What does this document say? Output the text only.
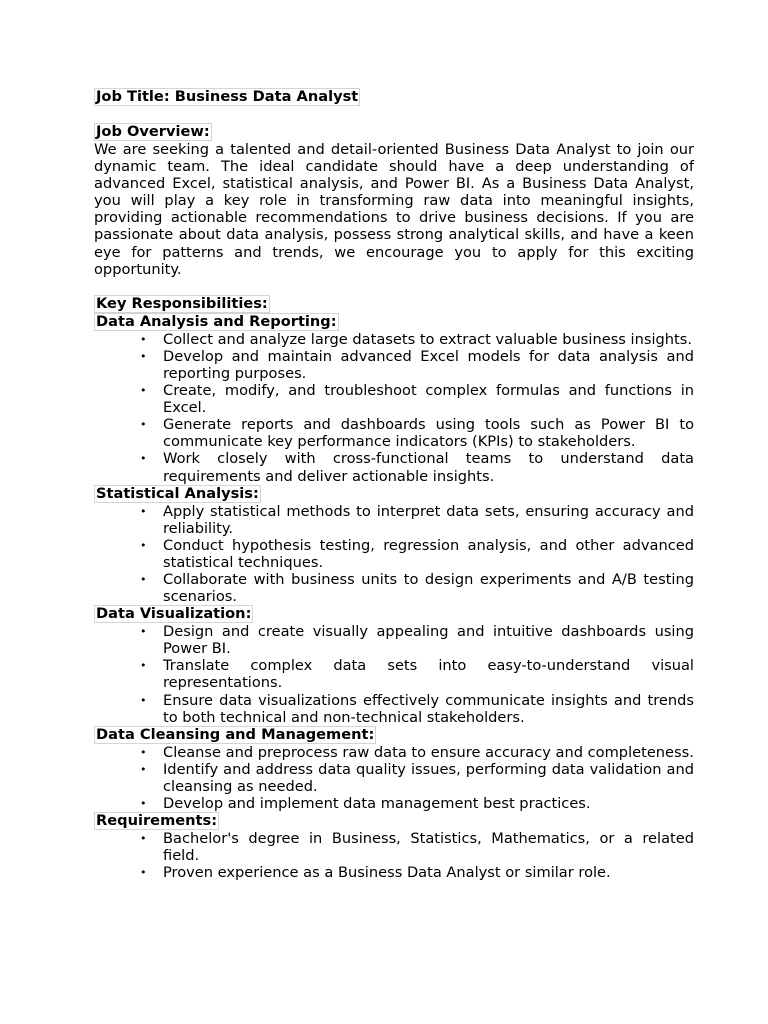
Job Title: Business Data Analyst
Job Overview:

We are seeking a talented and detail-oriented Business Data Analyst to join our dynamic team. The ideal candidate should have a deep understanding of advanced Excel, statistical analysis, and Power BI. As a Business Data Analyst, you will play a key role in transforming raw data into meaningful insights, providing actionable recommendations to drive business decisions. If you are passionate about data analysis, possess strong analytical skills, and have a keen eye for patterns and trends, we encourage you to apply for this exciting opportunity.

Key Responsibilities:
Data Analysis and Reporting:
• Collect and analyze large datasets to extract valuable business insights.
• Develop and maintain advanced Excel models for data analysis and reporting purposes.
• Create, modify, and troubleshoot complex formulas and functions in Excel.
• Generate reports and dashboards using tools such as Power BI to communicate key performance indicators (KPIs) to stakeholders.
• Work closely with cross-functional teams to understand data requirements and deliver actionable insights.
Statistical Analysis:
• Apply statistical methods to interpret data sets, ensuring accuracy and reliability.
• Conduct hypothesis testing, regression analysis, and other advanced statistical techniques.
• Collaborate with business units to design experiments and A/B testing scenarios.
Data Visualization:
• Design and create visually appealing and intuitive dashboards using Power BI.
• Translate complex data sets into easy-to-understand visual representations.
• Ensure data visualizations effectively communicate insights and trends to both technical and non-technical stakeholders.
Data Cleansing and Management:
• Cleanse and preprocess raw data to ensure accuracy and completeness.
• Identify and address data quality issues, performing data validation and cleansing as needed.
• Develop and implement data management best practices.
Requirements:
• Bachelor's degree in Business, Statistics, Mathematics, or a related field.
• Proven experience as a Business Data Analyst or similar role.
